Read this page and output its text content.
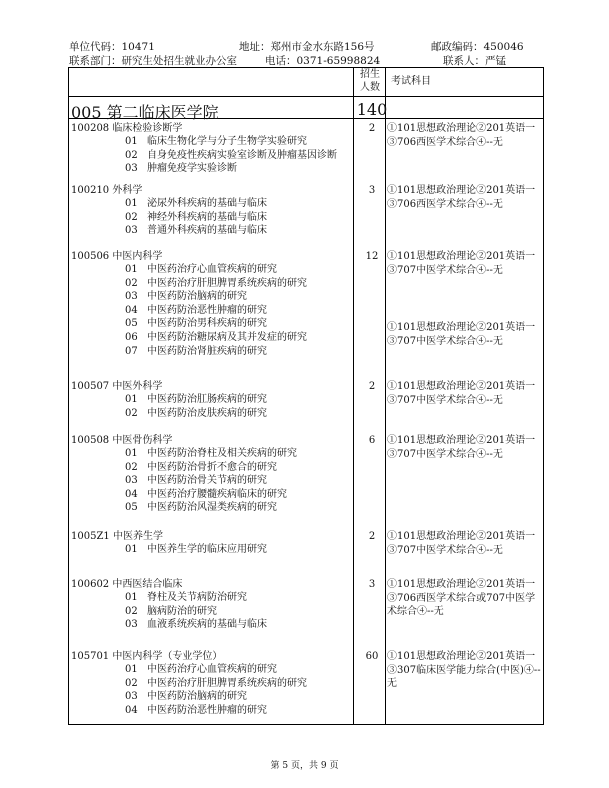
单位代码：10471	地址：郑州市金水东路156号	邮政编码：450046
联系部门：研究生处招生就业办公室	电话：0371-65998824	联系人：严锰
招生
人数
考试科目
005 第二临床医学院	140
100208 临床检验诊断学	2
01 临床生物化学与分子生物学实验研究
02 自身免疫性疾病实验室诊断及肿瘤基因诊断
03 肿瘤免疫学实验诊断
①101思想政治理论②201英语一③706西医学术综合④--无
100210 外科学	3
01 泌尿外科疾病的基础与临床
02 神经外科疾病的基础与临床
03 普通外科疾病的基础与临床
①101思想政治理论②201英语一③706西医学术综合④--无
100506 中医内科学	12
01 中医药治疗心血管疾病的研究
02 中医药治疗肝胆脾胃系统疾病的研究
03 中医药防治脑病的研究
04 中医药防治恶性肿瘤的研究
05 中医药防治男科疾病的研究
06 中医药防治糖尿病及其并发症的研究
07 中医药防治肾脏疾病的研究
①101思想政治理论②201英语一③707中医学术综合④--无
①101思想政治理论②201英语一③707中医学术综合④--无
100507 中医外科学	2
01 中医药防治肛肠疾病的研究
02 中医药防治皮肤疾病的研究
①101思想政治理论②201英语一③707中医学术综合④--无
100508 中医骨伤科学	6
01 中医药防治脊柱及相关疾病的研究
02 中医药防治骨折不愈合的研究
03 中医药防治骨关节病的研究
04 中医药治疗腰髓疾病临床的研究
05 中医药防治风湿类疾病的研究
①101思想政治理论②201英语一③707中医学术综合④--无
1005Z1 中医养生学	2
01 中医养生学的临床应用研究
①101思想政治理论②201英语一③707中医学术综合④--无
100602 中西医结合临床	3
01 脊柱及关节病防治研究
02 脑病防治的研究
03 血液系统疾病的基础与临床
①101思想政治理论②201英语一③706西医学术综合或707中医学术综合④--无
105701 中医内科学（专业学位）	60
01 中医药治疗心血管疾病的研究
02 中医药治疗肝胆脾胃系统疾病的研究
03 中医药防治脑病的研究
04 中医药防治恶性肿瘤的研究
①101思想政治理论②201英语一③307临床医学能力综合(中医)④--无
第 5 页，共 9 页
